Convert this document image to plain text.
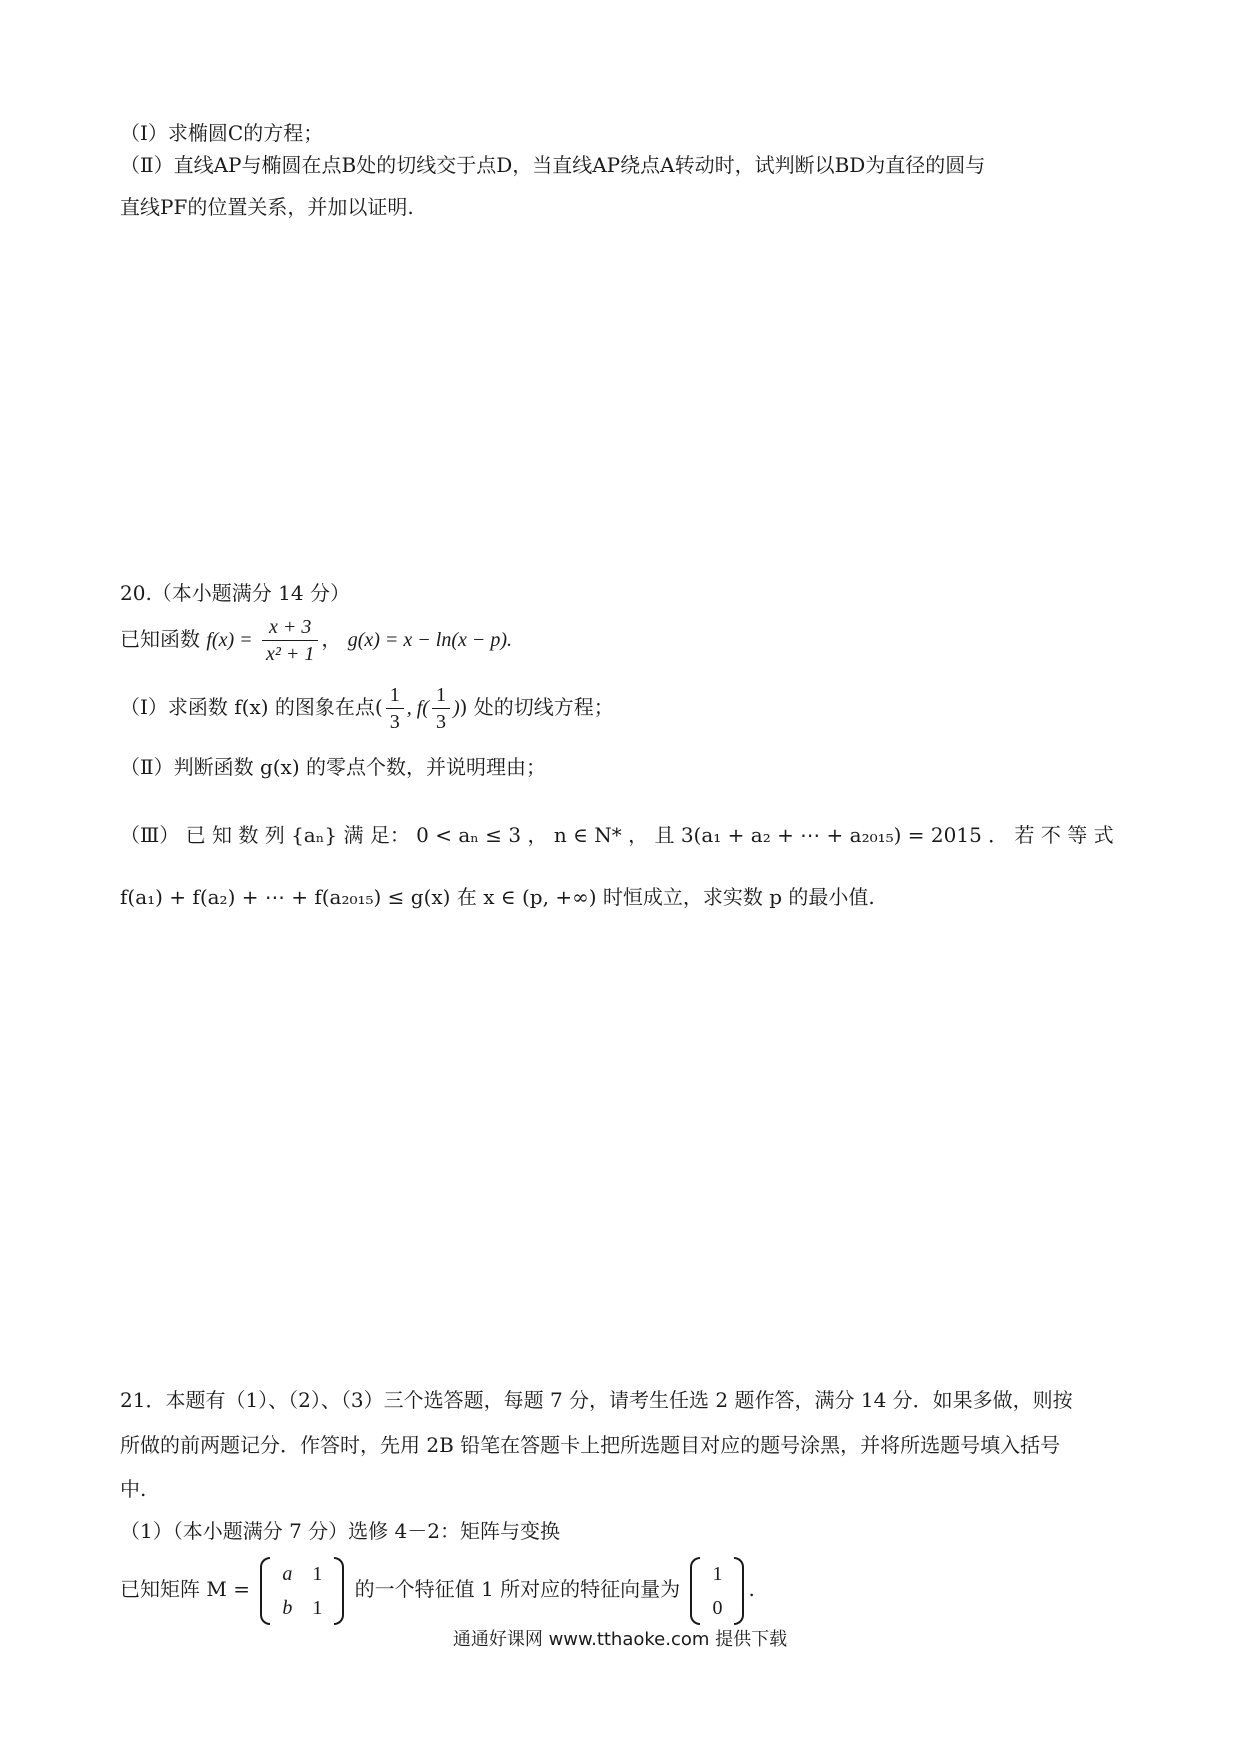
（Ⅰ）求椭圆C的方程；
（Ⅱ）直线AP与椭圆在点B处的切线交于点D，当直线AP绕点A转动时，试判断以BD为直径的圆与
直线PF的位置关系，并加以证明.
20.（本小题满分 14 分）
已知函数 $f(x) = \frac{x + 3}{\text{x² + 1}}$ ， g(x) = x − ln(x − p).
（Ⅰ）求函数 f(x) 的图象在点( $\frac{1}{3}$ , $f( \frac{1}{3}$ )) 处的切线方程；
（Ⅱ）判断函数 g(x) 的零点个数，并说明理由；
（Ⅲ） 已 知 数 列 {aₙ} 满 足： 0 < aₙ ≤ 3 ， n ∈ N* ， 且 3(a₁ + a₂ + ⋯ + a₂₀₁₅) = 2015 ． 若 不 等 式
f(a₁) + f(a₂) + ⋯ + f(a₂₀₁₅) ≤ g(x) 在 x ∈ (p, +∞) 时恒成立，求实数 p 的最小值.
21．本题有（1）、（2）、（3）三个选答题，每题 7 分，请考生任选 2 题作答，满分 14 分．如果多做，则按
所做的前两题记分．作答时，先用 2B 铅笔在答题卡上把所选题目对应的题号涂黑，并将所选题号填入括号
中.
（1）（本小题满分 7 分）选修 4－2：矩阵与变换
已知矩阵 M =
a	1
b	1
的一个特征值 1 所对应的特征向量为
1
0
.
通通好课网 www.tthaoke.com 提供下载
